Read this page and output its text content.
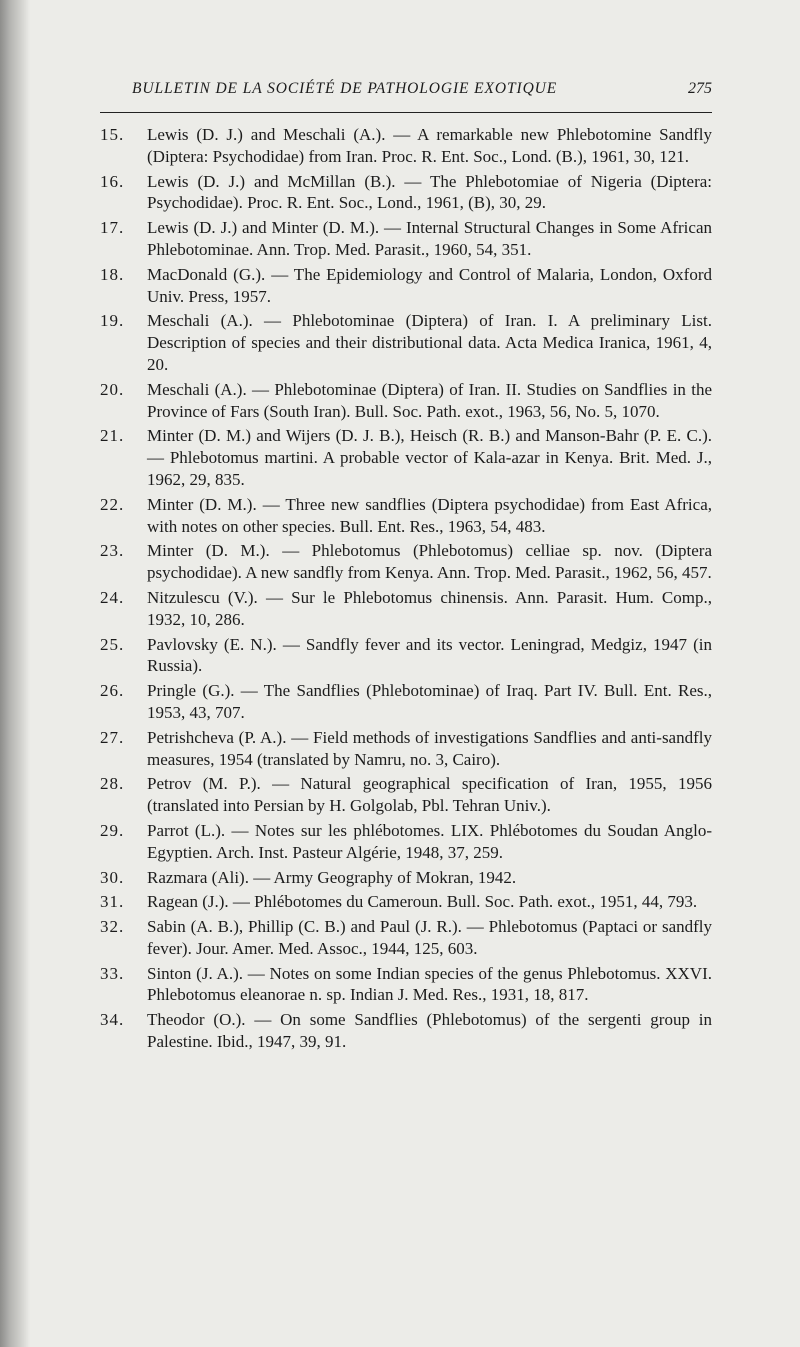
BULLETIN DE LA SOCIÉTÉ DE PATHOLOGIE EXOTIQUE	275
15.	Lewis (D. J.) and Meschali (A.). — A remarkable new Phlebotomine Sandfly (Diptera: Psychodidae) from Iran. Proc. R. Ent. Soc., Lond. (B.), 1961, 30, 121.
16.	Lewis (D. J.) and McMillan (B.). — The Phlebotomiae of Nigeria (Diptera: Psychodidae). Proc. R. Ent. Soc., Lond., 1961, (B), 30, 29.
17.	Lewis (D. J.) and Minter (D. M.). — Internal Structural Changes in Some African Phlebotominae. Ann. Trop. Med. Parasit., 1960, 54, 351.
18.	MacDonald (G.). — The Epidemiology and Control of Malaria, London, Oxford Univ. Press, 1957.
19.	Meschali (A.). — Phlebotominae (Diptera) of Iran. I. A preliminary List. Description of species and their distributional data. Acta Medica Iranica, 1961, 4, 20.
20.	Meschali (A.). — Phlebotominae (Diptera) of Iran. II. Studies on Sandflies in the Province of Fars (South Iran). Bull. Soc. Path. exot., 1963, 56, No. 5, 1070.
21.	Minter (D. M.) and Wijers (D. J. B.), Heisch (R. B.) and Manson-Bahr (P. E. C.). — Phlebotomus martini. A probable vector of Kala-azar in Kenya. Brit. Med. J., 1962, 29, 835.
22.	Minter (D. M.). — Three new sandflies (Diptera psychodidae) from East Africa, with notes on other species. Bull. Ent. Res., 1963, 54, 483.
23.	Minter (D. M.). — Phlebotomus (Phlebotomus) celliae sp. nov. (Diptera psychodidae). A new sandfly from Kenya. Ann. Trop. Med. Parasit., 1962, 56, 457.
24.	Nitzulescu (V.). — Sur le Phlebotomus chinensis. Ann. Parasit. Hum. Comp., 1932, 10, 286.
25.	Pavlovsky (E. N.). — Sandfly fever and its vector. Leningrad, Medgiz, 1947 (in Russia).
26.	Pringle (G.). — The Sandflies (Phlebotominae) of Iraq. Part IV. Bull. Ent. Res., 1953, 43, 707.
27.	Petrishcheva (P. A.). — Field methods of investigations Sandflies and anti-sandfly measures, 1954 (translated by Namru, no. 3, Cairo).
28.	Petrov (M. P.). — Natural geographical specification of Iran, 1955, 1956 (translated into Persian by H. Golgolab, Pbl. Tehran Univ.).
29.	Parrot (L.). — Notes sur les phlébotomes. LIX. Phlébotomes du Soudan Anglo-Egyptien. Arch. Inst. Pasteur Algérie, 1948, 37, 259.
30.	Razmara (Ali). — Army Geography of Mokran, 1942.
31.	Ragean (J.). — Phlébotomes du Cameroun. Bull. Soc. Path. exot., 1951, 44, 793.
32.	Sabin (A. B.), Phillip (C. B.) and Paul (J. R.). — Phlebotomus (Paptaci or sandfly fever). Jour. Amer. Med. Assoc., 1944, 125, 603.
33.	Sinton (J. A.). — Notes on some Indian species of the genus Phlebotomus. XXVI. Phlebotomus eleanorae n. sp. Indian J. Med. Res., 1931, 18, 817.
34.	Theodor (O.). — On some Sandflies (Phlebotomus) of the sergenti group in Palestine. Ibid., 1947, 39, 91.
